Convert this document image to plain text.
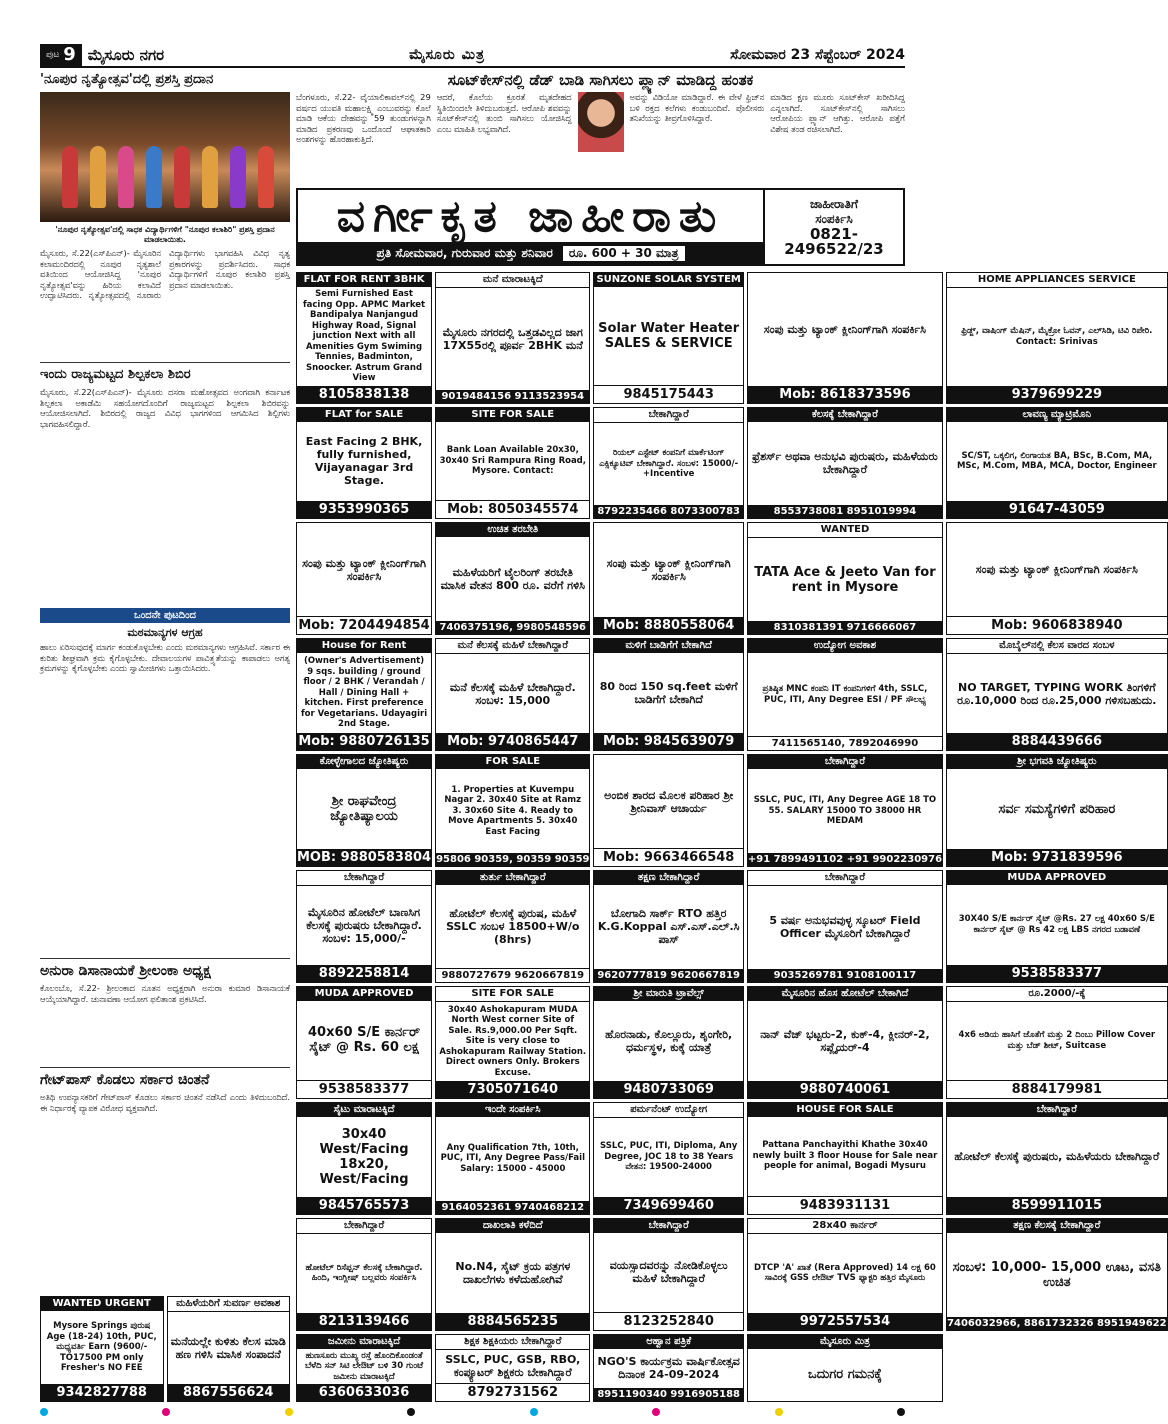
ಪುಟ 9 ಮೈಸೂರು ನಗರ	ಮೈಸೂರು ಮಿತ್ರ	ಸೋಮವಾರ 23 ಸೆಪ್ಟೆಂಬರ್ 2024
'ನೂಪುರ ನೃತ್ಯೋತ್ಸವ'ದಲ್ಲಿ ಪ್ರಶಸ್ತಿ ಪ್ರದಾನ
'ನೂಪುರ ನೃತ್ಯೋತ್ಸವ'ದಲ್ಲಿ ಸಾಧಕ ವಿದ್ಯಾರ್ಥಿಗಳಿಗೆ "ನೂಪುರ ಕಲಾಶಿರಿ" ಪ್ರಶಸ್ತಿ ಪ್ರದಾನ ಮಾಡಲಾಯಿತು.
ಮೈಸೂರು, ಸೆ.22(ಎಸ್‌ಪಿಎನ್)- ಮೈಸೂರಿನ ಕಲಾಮಂದಿರದಲ್ಲಿ ನೂಪುರ ನೃತ್ಯಶಾಲೆ ವತಿಯಿಂದ ಆಯೋಜಿಸಿದ್ದ 'ನೂಪುರ ನೃತ್ಯೋತ್ಸವ'ವನ್ನು ಹಿರಿಯ ಕಲಾವಿದೆ ಉದ್ಘಾಟಿಸಿದರು. ನೃತ್ಯೋತ್ಸವದಲ್ಲಿ ನೂರಾರು ವಿದ್ಯಾರ್ಥಿಗಳು ಭಾಗವಹಿಸಿ ವಿವಿಧ ನೃತ್ಯ ಪ್ರಕಾರಗಳನ್ನು ಪ್ರದರ್ಶಿಸಿದರು. ಸಾಧಕ ವಿದ್ಯಾರ್ಥಿಗಳಿಗೆ ನೂಪುರ ಕಲಾಶಿರಿ ಪ್ರಶಸ್ತಿ ಪ್ರದಾನ ಮಾಡಲಾಯಿತು.
ಇಂದು ರಾಜ್ಯಮಟ್ಟದ ಶಿಲ್ಪಕಲಾ ಶಿಬಿರ
ಮೈಸೂರು, ಸೆ.22(ಎಸ್‌ಪಿಎನ್)- ಮೈಸೂರು ದಸರಾ ಮಹೋತ್ಸವದ ಅಂಗವಾಗಿ ಕರ್ನಾಟಕ ಶಿಲ್ಪಕಲಾ ಅಕಾಡೆಮಿ ಸಹಯೋಗದೊಂದಿಗೆ ರಾಜ್ಯಮಟ್ಟದ ಶಿಲ್ಪಕಲಾ ಶಿಬಿರವನ್ನು ಆಯೋಜಿಸಲಾಗಿದೆ. ಶಿಬಿರದಲ್ಲಿ ರಾಜ್ಯದ ವಿವಿಧ ಭಾಗಗಳಿಂದ ಆಗಮಿಸಿದ ಶಿಲ್ಪಿಗಳು ಭಾಗವಹಿಸಲಿದ್ದಾರೆ.
ಒಂದನೇ ಪುಟದಿಂದ
ಮಠಮಾನ್ಯಗಳ ಆಗ್ರಹ
ಹಾಲು ಏರಿಸುವುದಕ್ಕೆ ಮಾರ್ಗ ಕಂಡುಕೊಳ್ಳಬೇಕು ಎಂದು ಮಠಮಾನ್ಯಗಳು ಆಗ್ರಹಿಸಿವೆ. ಸರ್ಕಾರ ಈ ಕುರಿತು ಶೀಘ್ರವಾಗಿ ಕ್ರಮ ಕೈಗೊಳ್ಳಬೇಕು. ದೇವಾಲಯಗಳ ಪಾವಿತ್ರ್ಯತೆಯನ್ನು ಕಾಪಾಡಲು ಅಗತ್ಯ ಕ್ರಮಗಳನ್ನು ಕೈಗೊಳ್ಳಬೇಕು ಎಂದು ಸ್ವಾಮೀಜಿಗಳು ಒತ್ತಾಯಿಸಿದರು.
ಅನುರಾ ಡಿಸಾನಾಯಕೆ ಶ್ರೀಲಂಕಾ ಅಧ್ಯಕ್ಷ
ಕೊಲಂಬೊ, ಸೆ.22- ಶ್ರೀಲಂಕಾದ ನೂತನ ಅಧ್ಯಕ್ಷರಾಗಿ ಅನುರಾ ಕುಮಾರ ಡಿಸಾನಾಯಕೆ ಆಯ್ಕೆಯಾಗಿದ್ದಾರೆ. ಚುನಾವಣಾ ಆಯೋಗ ಫಲಿತಾಂಶ ಪ್ರಕಟಿಸಿದೆ.
ಗೇಟ್‌ಪಾಸ್ ಕೊಡಲು ಸರ್ಕಾರ ಚಿಂತನೆ
ಅತಿಥಿ ಉಪನ್ಯಾಸಕರಿಗೆ ಗೇಟ್‌ಪಾಸ್ ಕೊಡಲು ಸರ್ಕಾರ ಚಿಂತನೆ ನಡೆಸಿದೆ ಎಂದು ತಿಳಿದುಬಂದಿದೆ. ಈ ನಿರ್ಧಾರಕ್ಕೆ ವ್ಯಾಪಕ ವಿರೋಧ ವ್ಯಕ್ತವಾಗಿದೆ.
ಸೂಟ್‌ಕೇಸ್‌ನಲ್ಲಿ ಡೆಡ್ ಬಾಡಿ ಸಾಗಿಸಲು ಪ್ಲ್ಯಾನ್ ಮಾಡಿದ್ದ ಹಂತಕ
ಬೆಂಗಳೂರು, ಸೆ.22- ವೈಯಾಲಿಕಾವಲ್‌ನಲ್ಲಿ 29 ವರ್ಷದ ಯುವತಿ ಮಹಾಲಕ್ಷ್ಮಿ ಎಂಬುವರನ್ನು ಕೊಲೆ ಮಾಡಿ ಆಕೆಯ ದೇಹವನ್ನು 59 ತುಂಡುಗಳನ್ನಾಗಿ ಮಾಡಿದ ಪ್ರಕರಣವು ಒಂದೊಂದೆ ಆಘಾತಕಾರಿ ಅಂಶಗಳನ್ನು ಹೊರಹಾಕುತ್ತಿದೆ.
ಆದರೆ, ಕೊಲೆಯ ಕ್ರೂರತೆ ಮೃತದೇಹದ ಸ್ಥಿತಿಯಿಂದಲೇ ತಿಳಿದುಬರುತ್ತದೆ. ಆರೋಪಿ ಶವವನ್ನು ಸೂಟ್‌ಕೇಸ್‌ನಲ್ಲಿ ತುಂಬಿ ಸಾಗಿಸಲು ಯೋಜಿಸಿದ್ದ ಎಂಬ ಮಾಹಿತಿ ಲಭ್ಯವಾಗಿದೆ.
ಅವನ್ನು ವಿಡಿಯೋ ಮಾಡಿದ್ದಾರೆ. ಈ ವೇಳೆ ಫ್ರಿಜ್‌ನ ಬಳಿ ರಕ್ತದ ಕಲೆಗಳು ಕಂಡುಬಂದಿವೆ. ಪೊಲೀಸರು ತನಿಖೆಯನ್ನು ತೀವ್ರಗೊಳಿಸಿದ್ದಾರೆ.
ಮಾಡಿದ ಕ್ಷಣ ಮೂರು ಸೂಟ್‌ಕೇಸ್ ಖರೀದಿಸಿದ್ದ ಎನ್ನಲಾಗಿದೆ. ಸೂಟ್‌ಕೇಸ್‌ನಲ್ಲಿ ಸಾಗಿಸಲು ಆರೋಪಿಯ ಪ್ಲ್ಯಾನ್ ಆಗಿತ್ತು. ಆರೋಪಿ ಪತ್ತೆಗೆ ವಿಶೇಷ ತಂಡ ರಚಿಸಲಾಗಿದೆ.
ವರ್ಗೀಕೃತ ಜಾಹೀರಾತು
ಪ್ರತಿ ಸೋಮವಾರ, ಗುರುವಾರ ಮತ್ತು ಶನಿವಾರ	ರೂ. 600 + 30 ಮಾತ್ರ
ಜಾಹೀರಾತಿಗೆ
ಸಂಪರ್ಕಿಸಿ
0821-
2496522/23
FLAT FOR RENT 3BHK
Semi Furnished East facing Opp. APMC Market Bandipalya Nanjangud Highway Road, Signal junction Next with all Amenities Gym Swiming Tennies, Badminton, Snoocker. Astrum Grand View
8105838138
ಮನೆ ಮಾರಾಟಕ್ಕಿದೆ
ಮೈಸೂರು ನಗರದಲ್ಲಿ ಒತ್ತಡವಿಲ್ಲದ ಜಾಗ 17X55ರಲ್ಲಿ ಪೂರ್ವ 2BHK ಮನೆ
9019484156 9113523954
SUNZONE SOLAR SYSTEM
Solar Water Heater SALES & SERVICE
9845175443
ಸಂಪು ಮತ್ತು ಟ್ಯಾಂಕ್ ಕ್ಲೀನಿಂಗ್‌ಗಾಗಿ ಸಂಪರ್ಕಿಸಿ
Mob: 8618373596
HOME APPLIANCES SERVICE
ಫ್ರಿಡ್ಜ್, ವಾಷಿಂಗ್ ಮೆಷಿನ್, ಮೈಕ್ರೋ ಓವನ್, ಎಲ್‌ಸಿಡಿ, ಟಿವಿ ರಿಪೇರಿ. Contact: Srinivas
9379699229
FLAT for SALE
East Facing 2 BHK, fully furnished, Vijayanagar 3rd Stage.
9353990365
SITE FOR SALE
Bank Loan Available 20x30, 30x40 Sri Rampura Ring Road, Mysore. Contact:
Mob: 8050345574
ಬೇಕಾಗಿದ್ದಾರೆ
ರಿಯಲ್ ಎಸ್ಟೇಟ್ ಕಂಪನಿಗೆ ಮಾರ್ಕೆಟಿಂಗ್ ಎಕ್ಸಿಕ್ಯೂಟಿವ್ ಬೇಕಾಗಿದ್ದಾರೆ. ಸಂಬಳ: 15000/-+Incentive
8792235466 8073300783
ಕೆಲಸಕ್ಕೆ ಬೇಕಾಗಿದ್ದಾರೆ
ಫ್ರೆಶರ್ಸ್ ಅಥವಾ ಅನುಭವಿ ಪುರುಷರು, ಮಹಿಳೆಯರು ಬೇಕಾಗಿದ್ದಾರೆ
8553738081 8951019994
ಲಾವಣ್ಯ ಮ್ಯಾಟ್ರಿಮೊನಿ
SC/ST, ಒಕ್ಕಲಿಗ, ಲಿಂಗಾಯತ BA, BSc, B.Com, MA, MSc, M.Com, MBA, MCA, Doctor, Engineer
91647-43059
ಸಂಪು ಮತ್ತು ಟ್ಯಾಂಕ್ ಕ್ಲೀನಿಂಗ್‌ಗಾಗಿ ಸಂಪರ್ಕಿಸಿ
Mob: 7204494854
ಉಚಿತ ತರಬೇತಿ
ಮಹಿಳೆಯರಿಗೆ ಟೈಲರಿಂಗ್ ತರಬೇತಿ ಮಾಸಿಕ ವೇತನ 800 ರೂ. ವರೆಗೆ ಗಳಿಸಿ
7406375196, 9980548596
ಸಂಪು ಮತ್ತು ಟ್ಯಾಂಕ್ ಕ್ಲೀನಿಂಗ್‌ಗಾಗಿ ಸಂಪರ್ಕಿಸಿ
Mob: 8880558064
WANTED
TATA Ace & Jeeto Van for rent in Mysore
8310381391 9716666067
ಸಂಪು ಮತ್ತು ಟ್ಯಾಂಕ್ ಕ್ಲೀನಿಂಗ್‌ಗಾಗಿ ಸಂಪರ್ಕಿಸಿ
Mob: 9606838940
House for Rent
(Owner's Advertisement) 9 sqs. building / ground floor / 2 BHK / Verandah / Hall / Dining Hall + kitchen. First preference for Vegetarians. Udayagiri 2nd Stage.
Mob: 9880726135
ಮನೆ ಕೆಲಸಕ್ಕೆ ಮಹಿಳೆ ಬೇಕಾಗಿದ್ದಾರೆ
ಮನೆ ಕೆಲಸಕ್ಕೆ ಮಹಿಳೆ ಬೇಕಾಗಿದ್ದಾರೆ. ಸಂಬಳ: 15,000
Mob: 9740865447
ಮಳಿಗೆ ಬಾಡಿಗೆಗೆ ಬೇಕಾಗಿದೆ
80 ರಿಂದ 150 sq.feet ಮಳಿಗೆ ಬಾಡಿಗೆಗೆ ಬೇಕಾಗಿದೆ
Mob: 9845639079
ಉದ್ಯೋಗ ಅವಕಾಶ
ಪ್ರತಿಷ್ಠಿತ MNC ಕಂಪನಿ IT ಕಂಪನಿಗಳಿಗೆ 4th, SSLC, PUC, ITI, Any Degree ESI / PF ಸೌಲಭ್ಯ
7411565140, 7892046990
ಮೊಬೈಲ್‌ನಲ್ಲಿ ಕೆಲಸ ವಾರದ ಸಂಬಳ
NO TARGET, TYPING WORK ತಿಂಗಳಿಗೆ ರೂ.10,000 ರಿಂದ ರೂ.25,000 ಗಳಿಸಬಹುದು.
8884439666
ಕೋಳ್ಳೇಗಾಲದ ಜ್ಯೋತಿಷ್ಯರು
ಶ್ರೀ ರಾಘವೇಂದ್ರ ಜ್ಯೋತಿಷ್ಯಾಲಯ
MOB: 9880583804
FOR SALE
1. Properties at Kuvempu Nagar 2. 30x40 Site at Ramz 3. 30x60 Site 4. Ready to Move Apartments 5. 30x40 East Facing
95806 90359, 90359 90359
ಅಂಬಿಕ ಶಾರದ ಮೊಲಕ ಪರಿಹಾರ ಶ್ರೀ ಶ್ರೀನಿವಾಸ್ ಆಚಾರ್ಯ
Mob: 9663466548
ಬೇಕಾಗಿದ್ದಾರೆ
SSLC, PUC, ITI, Any Degree AGE 18 TO 55. SALARY 15000 TO 38000 HR MEDAM
+91 7899491102 +91 9902230976
ಶ್ರೀ ಭಗವತಿ ಜ್ಯೋತಿಷ್ಯರು
ಸರ್ವ ಸಮಸ್ಯೆಗಳಿಗೆ ಪರಿಹಾರ
Mob: 9731839596
ಬೇಕಾಗಿದ್ದಾರೆ
ಮೈಸೂರಿನ ಹೋಟೆಲ್ ಬಾಣಸಿಗ ಕೆಲಸಕ್ಕೆ ಪುರುಷರು ಬೇಕಾಗಿದ್ದಾರೆ. ಸಂಬಳ: 15,000/-
8892258814
ತುರ್ತು ಬೇಕಾಗಿದ್ದಾರೆ
ಹೋಟೆಲ್ ಕೆಲಸಕ್ಕೆ ಪುರುಷ, ಮಹಿಳೆ SSLC ಸಂಬಳ 18500+W/o (8hrs)
9880727679 9620667819
ತಕ್ಷಣ ಬೇಕಾಗಿದ್ದಾರೆ
ಬೋಗಾದಿ ಸಾರ್ಕ್ RTO ಹತ್ತಿರ K.G.Koppal ಎಸ್.ಎಸ್.ಎಲ್.ಸಿ ಪಾಸ್
9620777819 9620667819
ಬೇಕಾಗಿದ್ದಾರೆ
5 ವರ್ಷ ಅನುಭವವುಳ್ಳ ಸ್ಕೂಟರ್ Field Officer ಮೈಸೂರಿಗೆ ಬೇಕಾಗಿದ್ದಾರೆ
9035269781 9108100117
MUDA APPROVED
30X40 S/E ಕಾರ್ನರ್ ಸೈಟ್ @Rs. 27 ಲಕ್ಷ 40x60 S/E ಕಾರ್ನರ್ ಸೈಟ್ @ Rs 42 ಲಕ್ಷ LBS ನಗರದ ಬಡಾವಣೆ
9538583377
MUDA APPROVED
40x60 S/E ಕಾರ್ನರ್ ಸೈಟ್ @ Rs. 60 ಲಕ್ಷ
9538583377
SITE FOR SALE
30x40 Ashokapuram MUDA North West corner Site of Sale. Rs.9,000.00 Per Sqft. Site is very close to Ashokapuram Railway Station. Direct owners Only. Brokers Excuse.
7305071640
ಶ್ರೀ ಮಾರುತಿ ಟ್ರಾವೆಲ್ಸ್
ಹೊರನಾಡು, ಕೊಲ್ಲೂರು, ಶೃಂಗೇರಿ, ಧರ್ಮಸ್ಥಳ, ಕುಕ್ಕೆ ಯಾತ್ರೆ
9480733069
ಮೈಸೂರಿನ ಹೊಸ ಹೋಟೆಲ್ ಬೇಕಾಗಿದೆ
ನಾನ್ ವೆಜ್ ಭಟ್ಟರು-2, ಕುಕ್-4, ಕ್ಲೀನರ್-2, ಸಪ್ಲೈಯರ್-4
9880740061
ರೂ.2000/-ಕ್ಕೆ
4x6 ಅಡಿಯ ಹಾಸಿಗೆ ಜೊತೆಗೆ ಮತ್ತು 2 ದಿಂಬು Pillow Cover ಮತ್ತು ಬೆಡ್ ಶೀಟ್, Suitcase
8884179981
ಸೈಟು ಮಾರಾಟಕ್ಕಿದೆ
30x40 West/Facing 18x20, West/Facing
9845765573
ಇಂದೇ ಸಂಪರ್ಕಿಸಿ
Any Qualification 7th, 10th, PUC, ITI, Any Degree Pass/Fail Salary: 15000 - 45000
9164052361 9740468212
ಪರ್ಮನೆಂಟ್ ಉದ್ಯೋಗ
SSLC, PUC, ITI, Diploma, Any Degree, JOC 18 to 38 Years ವೇತನ: 19500-24000
7349699460
HOUSE FOR SALE
Pattana Panchayithi Khathe 30x40 newly built 3 floor House for Sale near people for animal, Bogadi Mysuru
9483931131
ಬೇಕಾಗಿದ್ದಾರೆ
ಹೋಟೆಲ್ ಕೆಲಸಕ್ಕೆ ಪುರುಷರು, ಮಹಿಳೆಯರು ಬೇಕಾಗಿದ್ದಾರೆ
8599911015
ಬೇಕಾಗಿದ್ದಾರೆ
ಹೋಟೆಲ್ ರಿಸೆಪ್ಷನ್ ಕೆಲಸಕ್ಕೆ ಬೇಕಾಗಿದ್ದಾರೆ. ಹಿಂದಿ, ಇಂಗ್ಲೀಷ್ ಬಲ್ಲವರು ಸಂಪರ್ಕಿಸಿ
8213139466
ದಾಖಲಾತಿ ಕಳೆದಿದೆ
No.N4, ಸೈಟ್ ಕ್ರಯ ಪತ್ರಗಳ ದಾಖಲೆಗಳು ಕಳೆದುಹೋಗಿವೆ
8884565235
ಬೇಕಾಗಿದ್ದಾರೆ
ವಯಸ್ಸಾದವರನ್ನು ನೋಡಿಕೊಳ್ಳಲು ಮಹಿಳೆ ಬೇಕಾಗಿದ್ದಾರೆ
8123252840
28x40 ಕಾರ್ನರ್
DTCP 'A' ಖಾತೆ (Rera Approved) 14 ಲಕ್ಷ 60 ಸಾವಿರಕ್ಕೆ GSS ಲೇಔಟ್ TVS ಫ್ಯಾಕ್ಟರಿ ಹತ್ತಿರ ಮೈಸೂರು
9972557534
ತಕ್ಷಣ ಕೆಲಸಕ್ಕೆ ಬೇಕಾಗಿದ್ದಾರೆ
ಸಂಬಳ: 10,000- 15,000 ಊಟ, ವಸತಿ ಉಚಿತ
7406032966, 8861732326 8951949622
ಜಮೀನು ಮಾರಾಟಕ್ಕಿದೆ
ಹುಣಸೂರು ಮುಖ್ಯ ರಸ್ತೆ ಹೊಂದಿಕೊಂಡಂತೆ ಬೆಳೆದಿ ಸನ್ ಸಿಟಿ ಲೇಔಟ್ ಬಳಿ 30 ಗುಂಟೆ ಜಮೀನು ಮಾರಾಟಕ್ಕಿದೆ
6360633036
ಶಿಕ್ಷಕ ಶಿಕ್ಷಕಿಯರು ಬೇಕಾಗಿದ್ದಾರೆ
SSLC, PUC, GSB, RBO, ಕಂಪ್ಯೂಟರ್ ಶಿಕ್ಷಕರು ಬೇಕಾಗಿದ್ದಾರೆ
8792731562
ಆಹ್ವಾನ ಪತ್ರಿಕೆ
NGO'S ಕಾರ್ಯಕ್ರಮ ವಾರ್ಷಿಕೋತ್ಸವ ದಿನಾಂಕ 24-09-2024
8951190340 9916905188
ಮೈಸೂರು ಮಿತ್ರ
ಒದುಗರ ಗಮನಕ್ಕೆ
WANTED URGENT
Mysore Springs ಪುರುಷ Age (18-24) 10th, PUC, ಮಧ್ಯವರ್ತಿ Earn (9600/-TO17500 PM only Fresher's NO FEE
9342827788
ಮಹಿಳೆಯರಿಗೆ ಸುವರ್ಣ ಅವಕಾಶ
ಮನೆಯಲ್ಲೇ ಕುಳಿತು ಕೆಲಸ ಮಾಡಿ ಹಣ ಗಳಿಸಿ ಮಾಸಿಕ ಸಂಪಾದನೆ
8867556624
